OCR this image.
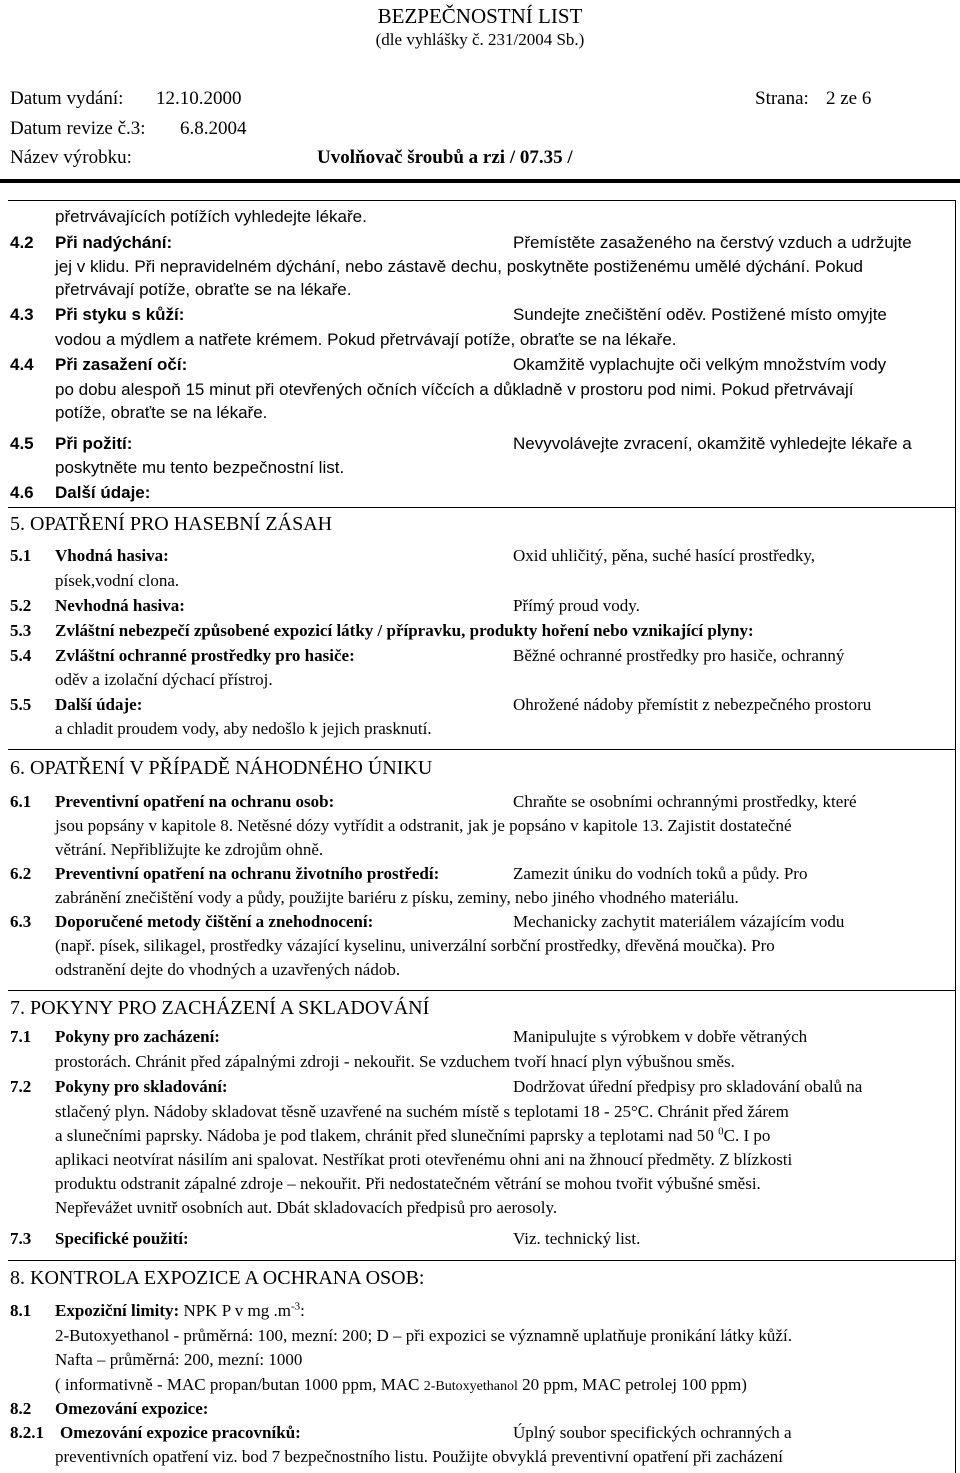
BEZPEČNOSTNÍ LIST
(dle vyhlášky č. 231/2004 Sb.)
Datum vydání: 12.10.2000	Strana: 2 ze 6
Datum revize č.3: 6.8.2004
Název výrobku:	Uvolňovač šroubů a rzi / 07.35 /
přetrvávajících potížích vyhledejte lékaře.
4.2 Při nadýchání:	Přemístěte zasaženého na čerstvý vzduch a udržujte
jej v klidu. Při nepravidelném dýchání, nebo zástavě dechu, poskytněte postiženému umělé dýchání. Pokud
přetrvávají potíže, obraťte se na lékaře.
4.3 Při styku s kůží:	Sundejte znečištění oděv. Postižené místo omyjte
vodou a mýdlem a natřete krémem. Pokud přetrvávají potíže, obraťte se na lékaře.
4.4 Při zasažení očí:	Okamžitě vyplachujte oči velkým množstvím vody
po dobu alespoň 15 minut při otevřených očních víčcích a důkladně v prostoru pod nimi. Pokud přetrvávají
potíže, obraťte se na lékaře.
4.5 Při požití:	Nevyvolávejte zvracení, okamžitě vyhledejte lékaře a
poskytněte mu tento bezpečnostní list.
4.6 Další údaje:
5. OPATŘENÍ PRO HASEBNÍ ZÁSAH
5.1 Vhodná hasiva:	Oxid uhličitý, pěna, suché hasící prostředky,
písek,vodní clona.
5.2 Nevhodná hasiva:	Přímý proud vody.
5.3 Zvláštní nebezpečí způsobené expozicí látky / přípravku, produkty hoření nebo vznikající plyny:
5.4 Zvláštní ochranné prostředky pro hasiče:	Běžné ochranné prostředky pro hasiče, ochranný
oděv a izolační dýchací přístroj.
5.5 Další údaje:	Ohrožené nádoby přemístit z nebezpečného prostoru
a chladit proudem vody, aby nedošlo k jejich prasknutí.
6. OPATŘENÍ V PŘÍPADĚ NÁHODNÉHO ÚNIKU
6.1 Preventivní opatření na ochranu osob:	Chraňte se osobními ochrannými prostředky, které
jsou popsány v kapitole 8. Netěsné dózy vytřídit a odstranit, jak je popsáno v kapitole 13. Zajistit dostatečné
větrání. Nepřibližujte ke zdrojům ohně.
6.2 Preventivní opatření na ochranu životního prostředí:	Zamezit úniku do vodních toků a půdy. Pro
zabránění znečištění vody a půdy, použijte bariéru z písku, zeminy, nebo jiného vhodného materiálu.
6.3 Doporučené metody čištění a znehodnocení:	Mechanicky zachytit materiálem vázajícím vodu
(např. písek, silikagel, prostředky vázající kyselinu, univerzální sorbční prostředky, dřevěná moučka). Pro
odstranění dejte do vhodných a uzavřených nádob.
7. POKYNY PRO ZACHÁZENÍ A SKLADOVÁNÍ
7.1 Pokyny pro zacházení:	Manipulujte s výrobkem v dobře větraných
prostorách. Chránit před zápalnými zdroji - nekouřit. Se vzduchem tvoří hnací plyn výbušnou směs.
7.2 Pokyny pro skladování:	Dodržovat úřední předpisy pro skladování obalů na
stlačený plyn. Nádoby skladovat těsně uzavřené na suchém místě s teplotami 18 - 25°C. Chránit před žárem
a slunečními paprsky. Nádoba je pod tlakem, chránit před slunečními paprsky a teplotami nad 50 $^0$C. I po
aplikaci neotvírat násilím ani spalovat. Nestříkat proti otevřenému ohni ani na žhnoucí předměty. Z blízkosti
produktu odstranit zápalné zdroje – nekouřit. Při nedostatečném větrání se mohou tvořit výbušné směsi.
Nepřevážet uvnitř osobních aut. Dbát skladovacích předpisů pro aerosoly.
7.3 Specifické použití:	Viz. technický list.
8. KONTROLA EXPOZICE A OCHRANA OSOB:
8.1 Expoziční limity: NPK P v mg $.m^{-3}$:
2-Butoxyethanol - průměrná: 100, mezní: 200; D – při expozici se významně uplatňuje pronikání látky kůží.
Nafta – průměrná: 200, mezní: 1000
( informativně - MAC propan/butan 1000 ppm, MAC 2-Butoxyethanol 20 ppm, MAC petrolej 100 ppm)
8.2 Omezování expozice:
8.2.1 Omezování expozice pracovníků:	Úplný soubor specifických ochranných a
preventivních opatření viz. bod 7 bezpečnostního listu. Použijte obvyklá preventivní opatření při zacházení
